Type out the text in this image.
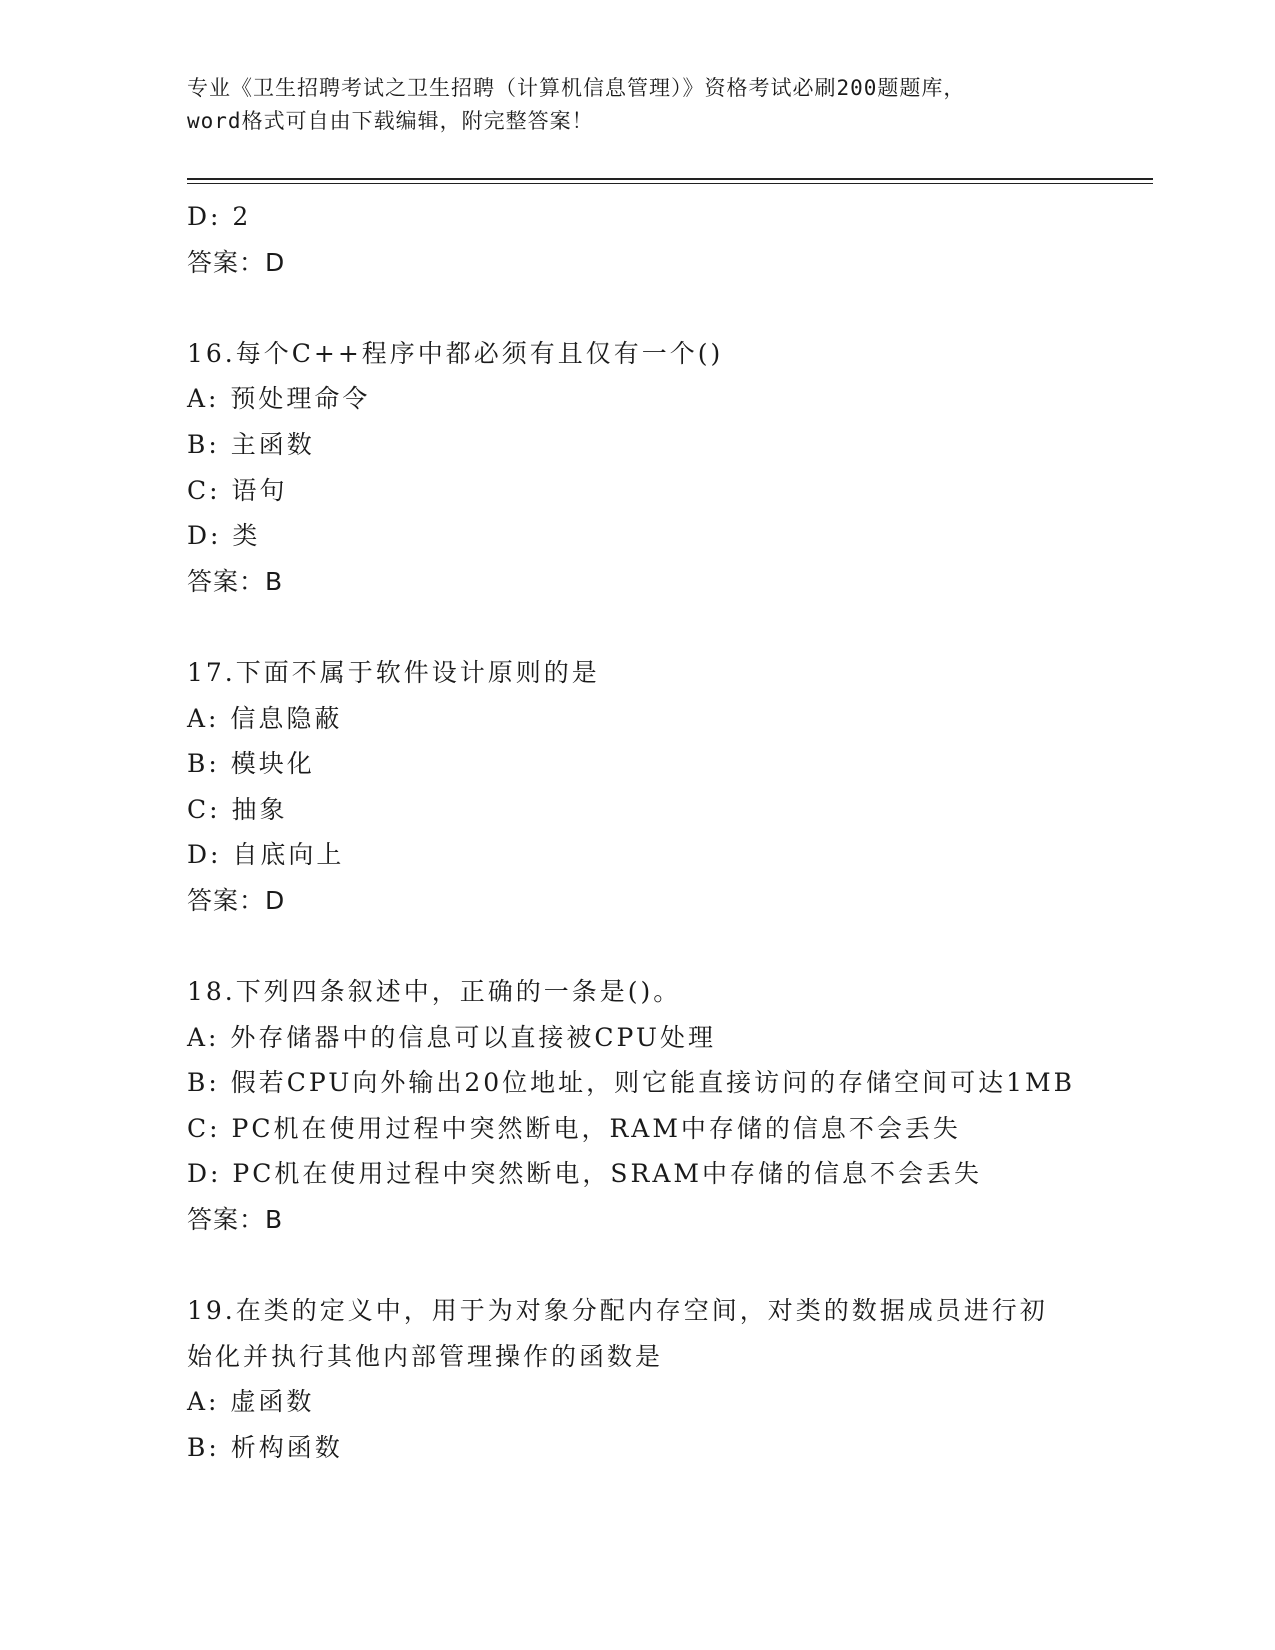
专业《卫生招聘考试之卫生招聘（计算机信息管理）》资格考试必刷200题题库，
word格式可自由下载编辑，附完整答案！
D: 2
答案：D
16.每个C++程序中都必须有且仅有一个()
A: 预处理命令
B: 主函数
C: 语句
D: 类
答案：B
17.下面不属于软件设计原则的是
A: 信息隐蔽
B: 模块化
C: 抽象
D: 自底向上
答案：D
18.下列四条叙述中，正确的一条是()。
A: 外存储器中的信息可以直接被CPU处理
B: 假若CPU向外输出20位地址，则它能直接访问的存储空间可达1MB
C: PC机在使用过程中突然断电，RAM中存储的信息不会丢失
D: PC机在使用过程中突然断电，SRAM中存储的信息不会丢失
答案：B
19.在类的定义中，用于为对象分配内存空间，对类的数据成员进行初
始化并执行其他内部管理操作的函数是
A: 虚函数
B: 析构函数
